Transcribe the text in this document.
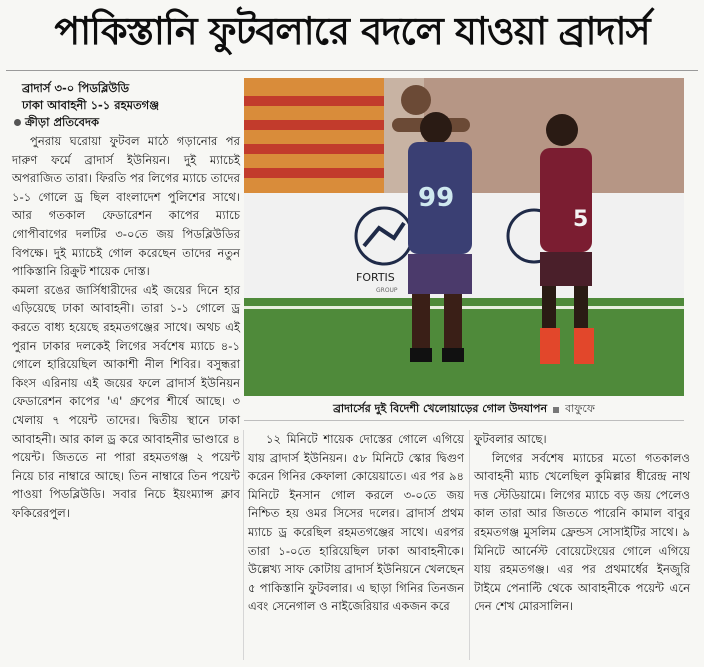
পাকিস্তানি ফুটবলারে বদলে যাওয়া ব্রাদার্স
ব্রাদার্স ৩-০ পিডব্লিউডি
ঢাকা আবাহনী ১-১ রহমতগঞ্জ
ক্রীড়া প্রতিবেদক

পুনরায় ঘরোয়া ফুটবল মাঠে গড়ানোর পর দারুণ ফর্মে ব্রাদার্স ইউনিয়ন। দুই ম্যাচেই অপরাজিত তারা। ফিরতি পর লিগের ম্যাচে তাদের ১-১ গোলে ড্র ছিল বাংলাদেশ পুলিশের সাথে। আর গতকাল ফেডারেশন কাপের ম্যাচে গোপীবাগের দলটির ৩-০তে জয় পিডব্লিউডির বিপক্ষে। দুই ম্যাচেই গোল করেছেন তাদের নতুন পাকিস্তানি রিক্রুট শায়েক দোস্ত।

কমলা রঙের জার্সিধারীদের এই জয়ের দিনে হার এড়িয়েছে ঢাকা আবাহনী। তারা ১-১ গোলে ড্র করতে বাধ্য হয়েছে রহমতগঞ্জের সাথে। অথচ এই পুরান ঢাকার দলকেই লিগের সর্বশেষ ম্যাচে ৪-১ গোলে হারিয়েছিল আকাশী নীল শিবির। বসুন্ধরা কিংস এরিনায় এই জয়ের ফলে ব্রাদার্স ইউনিয়ন ফেডারেশন কাপের 'এ' গ্রুপের শীর্ষে আছে। ৩ খেলায় ৭ পয়েন্ট তাদের। দ্বিতীয় স্থানে ঢাকা আবাহনী। আর কাল ড্র করে আবাহনীর ভাণ্ডারে ৪ পয়েন্ট। জিততে না পারা রহমতগঞ্জ ২ পয়েন্ট নিয়ে চার নাম্বারে আছে। তিন নাম্বারে তিন পয়েন্ট পাওয়া পিডব্লিউডি। সবার নিচে ইয়ংম্যান্স ক্লাব ফকিরেরপুল।

FORTIS
GROUP
99
5
ব্রাদার্সের দুই বিদেশী খেলোয়াড়ের গোল উদযাপন বাফুফে

১২ মিনিটে শায়েক দোস্তের গোলে এগিয়ে যায় ব্রাদার্স ইউনিয়ন। ৫৮ মিনিটে স্কোর দ্বিগুণ করেন গিনির কেফালা কোয়েয়াতে। এর পর ৯৪ মিনিটে ইনসান গোল করলে ৩-০তে জয় নিশ্চিত হয় ওমর সিসের দলের। ব্রাদার্স প্রথম ম্যাচে ড্র করেছিল রহমতগঞ্জের সাথে। এরপর তারা ১-০তে হারিয়েছিল ঢাকা আবাহনীকে। উল্লেখ্য সাফ কোটায় ব্রাদার্স ইউনিয়নে খেলছেন ৫ পাকিস্তানি ফুটবলার। এ ছাড়া গিনির তিনজন এবং সেনেগাল ও নাইজেরিয়ার একজন করে

ফুটবলার আছে।

লিগের সর্বশেষ ম্যাচের মতো গতকালও আবাহনী ম্যাচ খেলেছিল কুমিল্লার ধীরেন্দ্র নাথ দত্ত স্টেডিয়ামে। লিগের ম্যাচে বড় জয় পেলেও কাল তারা আর জিততে পারেনি কামাল বাবুর রহমতগঞ্জ মুসলিম ফ্রেন্ডস সোসাইটির সাথে। ৯ মিনিটে আর্নেস্ট বোয়েটেংয়ের গোলে এগিয়ে যায় রহমতগঞ্জ। এর পর প্রথমার্ধের ইনজুরি টাইমে পেনাল্টি থেকে আবাহনীকে পয়েন্ট এনে দেন শেখ মোরসালিন।
